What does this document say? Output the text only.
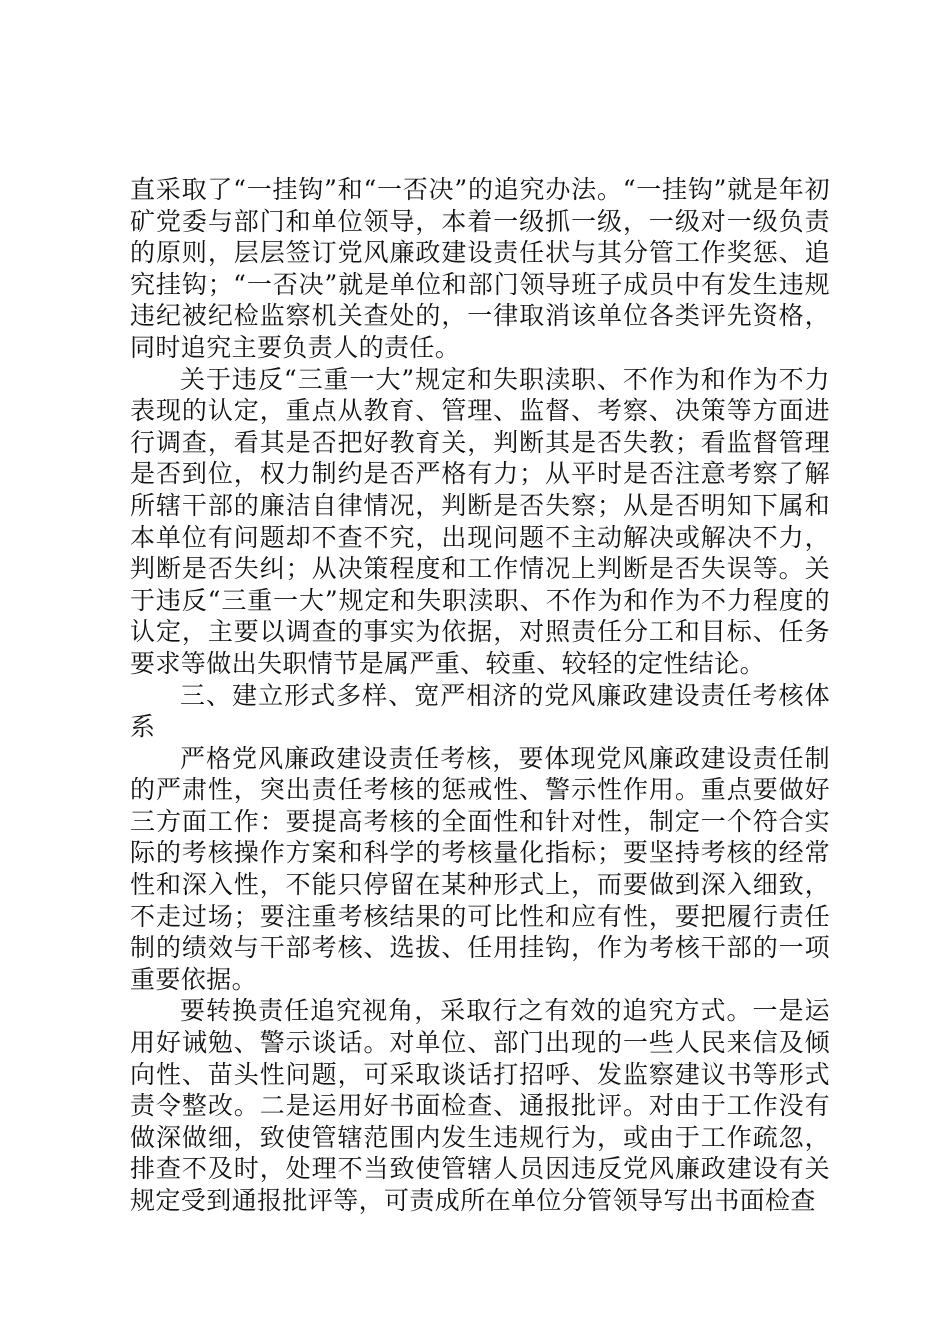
直采取了“一挂钩”和“一否决”的追究办法。“一挂钩”就是年初矿党委与部门和单位领导，本着一级抓一级，一级对一级负责的原则，层层签订党风廉政建设责任状与其分管工作奖惩、追究挂钩；“一否决”就是单位和部门领导班子成员中有发生违规违纪被纪检监察机关查处的，一律取消该单位各类评先资格，同时追究主要负责人的责任。

关于违反“三重一大”规定和失职渎职、不作为和作为不力表现的认定，重点从教育、管理、监督、考察、决策等方面进行调查，看其是否把好教育关，判断其是否失教；看监督管理是否到位，权力制约是否严格有力；从平时是否注意考察了解所辖干部的廉洁自律情况，判断是否失察；从是否明知下属和本单位有问题却不查不究，出现问题不主动解决或解决不力，判断是否失纠；从决策程度和工作情况上判断是否失误等。关于违反“三重一大”规定和失职渎职、不作为和作为不力程度的认定，主要以调查的事实为依据，对照责任分工和目标、任务要求等做出失职情节是属严重、较重、较轻的定性结论。

三、建立形式多样、宽严相济的党风廉政建设责任考核体系

严格党风廉政建设责任考核，要体现党风廉政建设责任制的严肃性，突出责任考核的惩戒性、警示性作用。重点要做好三方面工作：要提高考核的全面性和针对性，制定一个符合实际的考核操作方案和科学的考核量化指标；要坚持考核的经常性和深入性，不能只停留在某种形式上，而要做到深入细致，不走过场；要注重考核结果的可比性和应有性，要把履行责任制的绩效与干部考核、选拔、任用挂钩，作为考核干部的一项重要依据。

要转换责任追究视角，采取行之有效的追究方式。一是运用好诫勉、警示谈话。对单位、部门出现的一些人民来信及倾向性、苗头性问题，可采取谈话打招呼、发监察建议书等形式责令整改。二是运用好书面检查、通报批评。对由于工作没有做深做细，致使管辖范围内发生违规行为，或由于工作疏忽，排查不及时，处理不当致使管辖人员因违反党风廉政建设有关规定受到通报批评等，可责成所在单位分管领导写出书面检查
